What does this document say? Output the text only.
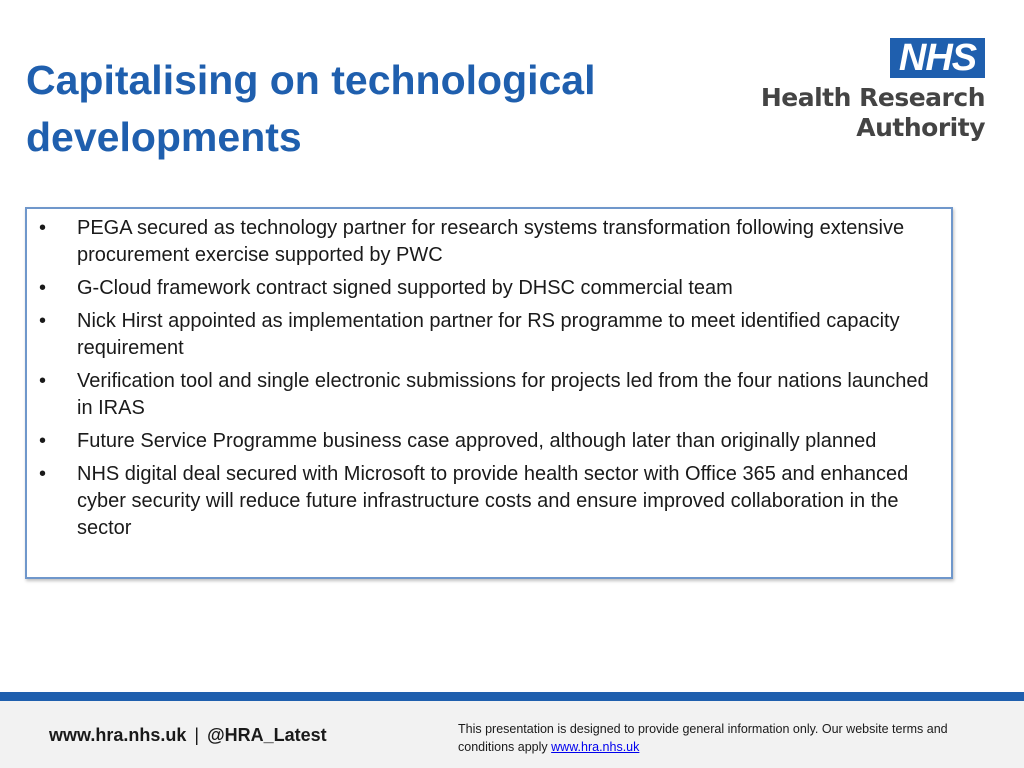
Capitalising on technological developments
NHS
Health Research
Authority
• PEGA secured as technology partner for research systems transformation following extensive procurement exercise supported by PWC
• G-Cloud framework contract signed supported by DHSC commercial team
• Nick Hirst appointed as implementation partner for RS programme to meet identified capacity requirement
• Verification tool and single electronic submissions for projects led from the four nations launched in IRAS
• Future Service Programme business case approved, although later than originally planned
• NHS digital deal secured with Microsoft to provide health sector with Office 365 and enhanced cyber security will reduce future infrastructure costs and ensure improved collaboration in the sector
www.hra.nhs.uk | @HRA_Latest	This presentation is designed to provide general information only. Our website terms and conditions apply www.hra.nhs.uk
